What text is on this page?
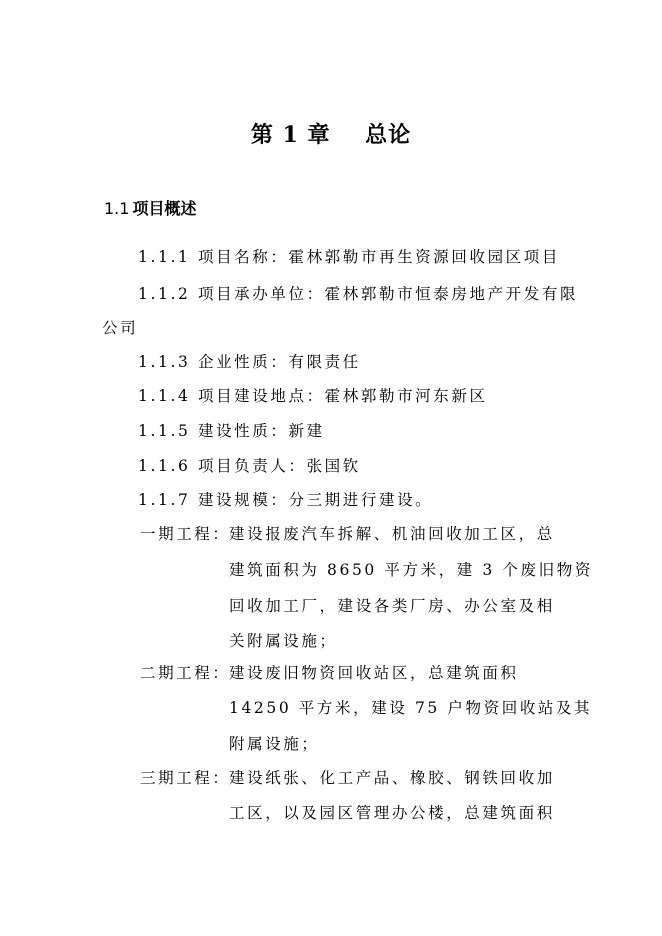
第 1 章    总论
1.1 项目概述
1.1.1 项目名称：霍林郭勒市再生资源回收园区项目
1.1.2 项目承办单位：霍林郭勒市恒泰房地产开发有限
公司
1.1.3 企业性质：有限责任
1.1.4 项目建设地点：霍林郭勒市河东新区
1.1.5 建设性质：新建
1.1.6 项目负责人：张国钦
1.1.7 建设规模：分三期进行建设。
一期工程：
建设报废汽车拆解、机油回收加工区，总
建筑面积为 8650 平方米，建 3 个废旧物资
回收加工厂，建设各类厂房、办公室及相
关附属设施；
二期工程：
建设废旧物资回收站区，总建筑面积
14250 平方米，建设 75 户物资回收站及其
附属设施；
三期工程：
建设纸张、化工产品、橡胶、钢铁回收加
工区，以及园区管理办公楼，总建筑面积
